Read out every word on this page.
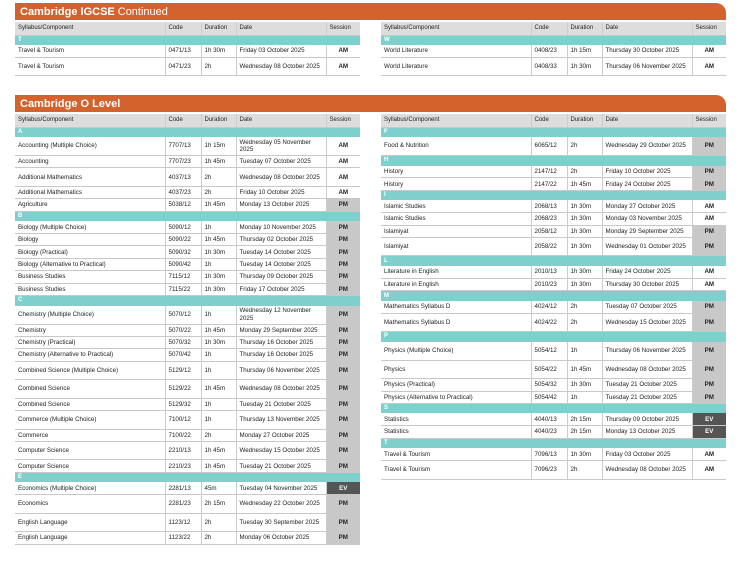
Cambridge IGCSE Continued
Cambridge O Level
Syllabus/Component	Code	Duration	Date	Session
T				
Travel & Tourism	0471/13	1h 30m	Friday 03 October 2025	AM
Travel & Tourism	0471/23	2h	Wednesday 08 October 2025	AM
Syllabus/Component	Code	Duration	Date	Session
W				
World Literature	0408/23	1h 15m	Thursday 30 October 2025	AM
World Literature	0408/33	1h 30m	Thursday 06 November 2025	AM
Syllabus/Component	Code	Duration	Date	Session
A				
Accounting (Multiple Choice)	7707/13	1h 15m	Wednesday 05 November 2025	AM
Accounting	7707/23	1h 45m	Tuesday 07 October 2025	AM
Additional Mathematics	4037/13	2h	Wednesday 08 October 2025	AM
Additional Mathematics	4037/23	2h	Friday 10 October 2025	AM
Agriculture	5038/12	1h 45m	Monday 13 October 2025	PM
B				
Biology (Multiple Choice)	5090/12	1h	Monday 10 November 2025	PM
Biology	5090/22	1h 45m	Thursday 02 October 2025	PM
Biology (Practical)	5090/32	1h 30m	Tuesday 14 October 2025	PM
Biology (Alternative to Practical)	5090/42	1h	Tuesday 14 October 2025	PM
Business Studies	7115/12	1h 30m	Thursday 09 October 2025	PM
Business Studies	7115/22	1h 30m	Friday 17 October 2025	PM
C				
Chemistry (Multiple Choice)	5070/12	1h	Wednesday 12 November 2025	PM
Chemistry	5070/22	1h 45m	Monday 29 September 2025	PM
Chemistry (Practical)	5070/32	1h 30m	Thursday 16 October 2025	PM
Chemistry (Alternative to Practical)	5070/42	1h	Thursday 16 October 2025	PM
Combined Science (Multiple Choice)	5129/12	1h	Thursday 06 November 2025	PM
Combined Science	5129/22	1h 45m	Wednesday 08 October 2025	PM
Combined Science	5129/32	1h	Tuesday 21 October 2025	PM
Commerce (Multiple Choice)	7100/12	1h	Thursday 13 November 2025	PM
Commerce	7100/22	2h	Monday 27 October 2025	PM
Computer Science	2210/13	1h 45m	Wednesday 15 October 2025	PM
Computer Science	2210/23	1h 45m	Tuesday 21 October 2025	PM
E				
Economics (Multiple Choice)	2281/13	45m	Tuesday 04 November 2025	EV
Economics	2281/23	2h 15m	Wednesday 22 October 2025	PM
English Language	1123/12	2h	Tuesday 30 September 2025	PM
English Language	1123/22	2h	Monday 06 October 2025	PM
Syllabus/Component	Code	Duration	Date	Session
F				
Food & Nutrition	6065/12	2h	Wednesday 29 October 2025	PM
H				
History	2147/12	2h	Friday 10 October 2025	PM
History	2147/22	1h 45m	Friday 24 October 2025	PM
I				
Islamic Studies	2068/13	1h 30m	Monday 27 October 2025	AM
Islamic Studies	2068/23	1h 30m	Monday 03 November 2025	AM
Islamiyat	2058/12	1h 30m	Monday 29 September 2025	PM
Islamiyat	2058/22	1h 30m	Wednesday 01 October 2025	PM
L				
Literature in English	2010/13	1h 30m	Friday 24 October 2025	AM
Literature in English	2010/23	1h 30m	Thursday 30 October 2025	AM
M				
Mathematics Syllabus D	4024/12	2h	Tuesday 07 October 2025	PM
Mathematics Syllabus D	4024/22	2h	Wednesday 15 October 2025	PM
P				
Physics (Multiple Choice)	5054/12	1h	Thursday 06 November 2025	PM
Physics	5054/22	1h 45m	Wednesday 08 October 2025	PM
Physics (Practical)	5054/32	1h 30m	Tuesday 21 October 2025	PM
Physics (Alternative to Practical)	5054/42	1h	Tuesday 21 October 2025	PM
S				
Statistics	4040/13	2h 15m	Thursday 09 October 2025	EV
Statistics	4040/23	2h 15m	Monday 13 October 2025	EV
T				
Travel & Tourism	7096/13	1h 30m	Friday 03 October 2025	AM
Travel & Tourism	7096/23	2h	Wednesday 08 October 2025	AM
